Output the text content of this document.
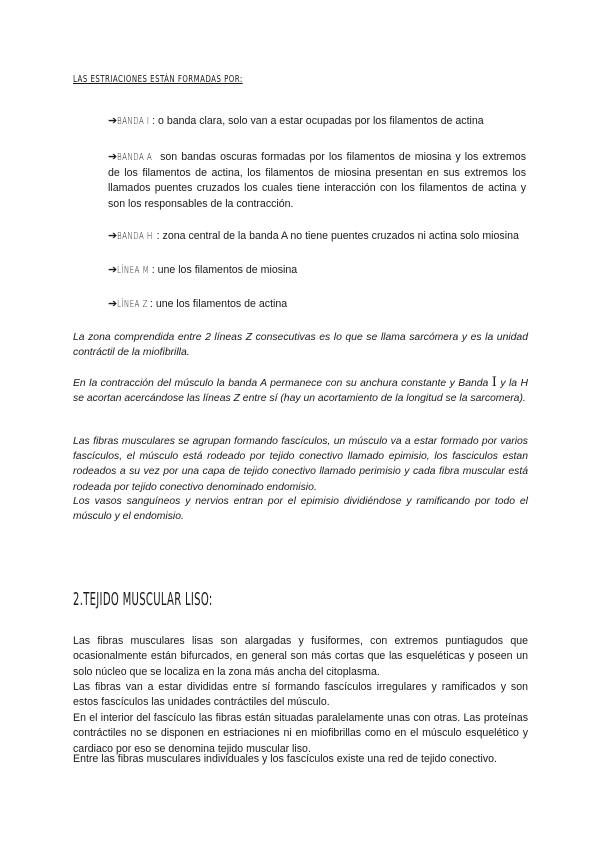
LAS ESTRIACIONES ESTÁN FORMADAS POR:
➔BANDA I : o banda clara, solo van a estar ocupadas por los filamentos de actina
➔BANDA A son bandas oscuras formadas por los filamentos de miosina y los extremos de los filamentos de actina, los filamentos de miosina presentan en sus extremos los llamados puentes cruzados los cuales tiene interacción con los filamentos de actina y son los responsables de la contracción.
➔BANDA H : zona central de la banda A no tiene puentes cruzados ni actina solo miosina
➔LÍNEA M : une los filamentos de miosina
➔LÍNEA Z : une los filamentos de actina
La zona comprendida entre 2 líneas Z consecutivas es lo que se llama sarcómera y es la unidad contráctil de la miofibrilla.
En la contracción del músculo la banda A permanece con su anchura constante y Banda I y la H se acortan acercándose las líneas Z entre sí (hay un acortamiento de la longitud se la sarcomera).
Las fibras musculares se agrupan formando fascículos, un músculo va a estar formado por varios fascículos, el músculo está rodeado por tejido conectivo llamado epimisio, los fasciculos estan rodeados a su vez por una capa de tejido conectivo llamado perimisio y cada fibra muscular está rodeada por tejido conectivo denominado endomisio.
Los vasos sanguíneos y nervios entran por el epimisio dividiéndose y ramificando por todo el músculo y el endomisio.
2.TEJIDO MUSCULAR LISO:
Las fibras musculares lisas son alargadas y fusiformes, con extremos puntiagudos que ocasionalmente están bifurcados, en general son más cortas que las esqueléticas y poseen un solo núcleo que se localiza en la zona más ancha del citoplasma.
Las fibras van a estar divididas entre sí formando fascículos irregulares y ramificados y son estos fascículos las unidades contráctiles del músculo.
En el interior del fascículo las fibras están situadas paralelamente unas con otras. Las proteínas contráctiles no se disponen en estriaciones ni en miofibrillas como en el músculo esquelético y cardiaco por eso se denomina tejido muscular liso.
Entre las fibras musculares individuales y los fascículos existe una red de tejido conectivo.
